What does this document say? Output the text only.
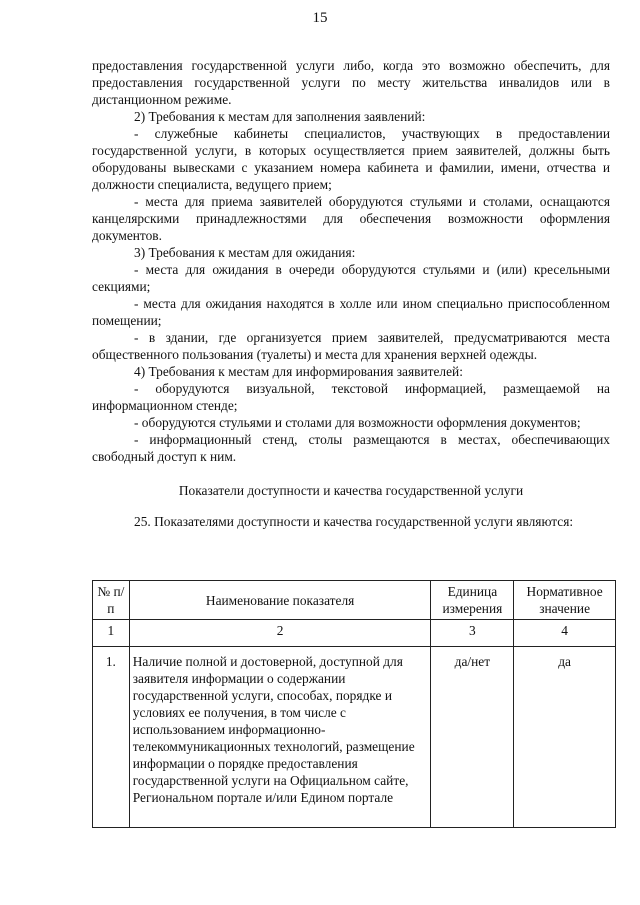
15

предоставления государственной услуги либо, когда это возможно обеспечить, для предоставления государственной услуги по месту жительства инвалидов или в дистанционном режиме.

2) Требования к местам для заполнения заявлений:

- служебные кабинеты специалистов, участвующих в предоставлении государственной услуги, в которых осуществляется прием заявителей, должны быть оборудованы вывесками с указанием номера кабинета и фамилии, имени, отчества и должности специалиста, ведущего прием;

- места для приема заявителей оборудуются стульями и столами, оснащаются канцелярскими принадлежностями для обеспечения возможности оформления документов.

3) Требования к местам для ожидания:

- места для ожидания в очереди оборудуются стульями и (или) кресельными секциями;

- места для ожидания находятся в холле или ином специально приспособленном помещении;

- в здании, где организуется прием заявителей, предусматриваются места общественного пользования (туалеты) и места для хранения верхней одежды.

4) Требования к местам для информирования заявителей:

- оборудуются визуальной, текстовой информацией, размещаемой на информационном стенде;

- оборудуются стульями и столами для возможности оформления документов;

- информационный стенд, столы размещаются в местах, обеспечивающих свободный доступ к ним.

Показатели доступности и качества государственной услуги

25. Показателями доступности и качества государственной услуги являются:

№ п/п	Наименование показателя	Единица измерения	Нормативное значение
1	2	3	4
1.	Наличие полной и достоверной, доступной для заявителя информации о содержании государственной услуги, способах, порядке и условиях ее получения, в том числе с использованием информационно-телекоммуникационных технологий, размещение информации о порядке предоставления государственной услуги на Официальном сайте, Региональном портале и/или Едином портале	да/нет	да
